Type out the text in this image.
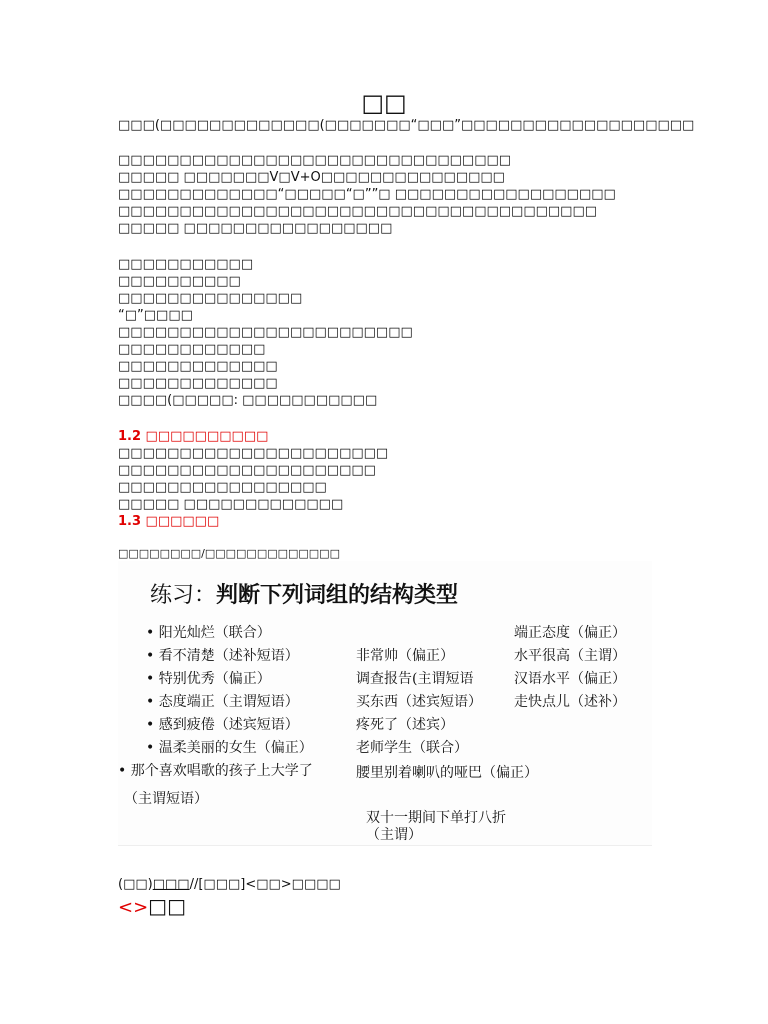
□□
□□□(□□□□□□□□□□□□□(□□□□□□□“□□□”□□□□□□□□□□□□□□□□□□□
□□□□□□□□□□□□□□□□□□□□□□□□□□□□□□□□
□□□□□ □□□□□□□V□V+O□□□□□□□□□□□□□□□
□□□□□□□□□□□□□“□□□□□“□””□ □□□□□□□□□□□□□□□□□□
□□□□□□□□□□□□□□□□□□□□□□□□□□□□□□□□□□□□□□□
□□□□□ □□□□□□□□□□□□□□□□□
□□□□□□□□□□□
□□□□□□□□□□
□□□□□□□□□□□□□□□
“□”□□□□
□□□□□□□□□□□□□□□□□□□□□□□□
□□□□□□□□□□□□
□□□□□□□□□□□□□
□□□□□□□□□□□□□
□□□□(□□□□□: □□□□□□□□□□□
1.2 □□□□□□□□□□
□□□□□□□□□□□□□□□□□□□□□□
□□□□□□□□□□□□□□□□□□□□□
□□□□□□□□□□□□□□□□□
□□□□□ □□□□□□□□□□□□□
1.3 □□□□□□
□□□□□□□□/□□□□□□□□□□□□□
练习：判断下列词组的结构类型
• 阳光灿烂（联合）
• 看不清楚（述补短语）
• 特别优秀（偏正）
• 态度端正（主谓短语）
• 感到疲倦（述宾短语）
• 温柔美丽的女生（偏正）
• 那个喜欢唱歌的孩子上大学了
（主谓短语）
非常帅（偏正）
调查报告(主谓短语
买东西（述宾短语）
疼死了（述宾）
老师学生（联合）
腰里别着喇叭的哑巴（偏正）
端正态度（偏正）
水平很高（主谓）
汉语水平（偏正）
走快点儿（述补）
双十一期间下单打八折
（主谓）
(□□)□□□//[□□□]<□□>□□□□
<>□□
